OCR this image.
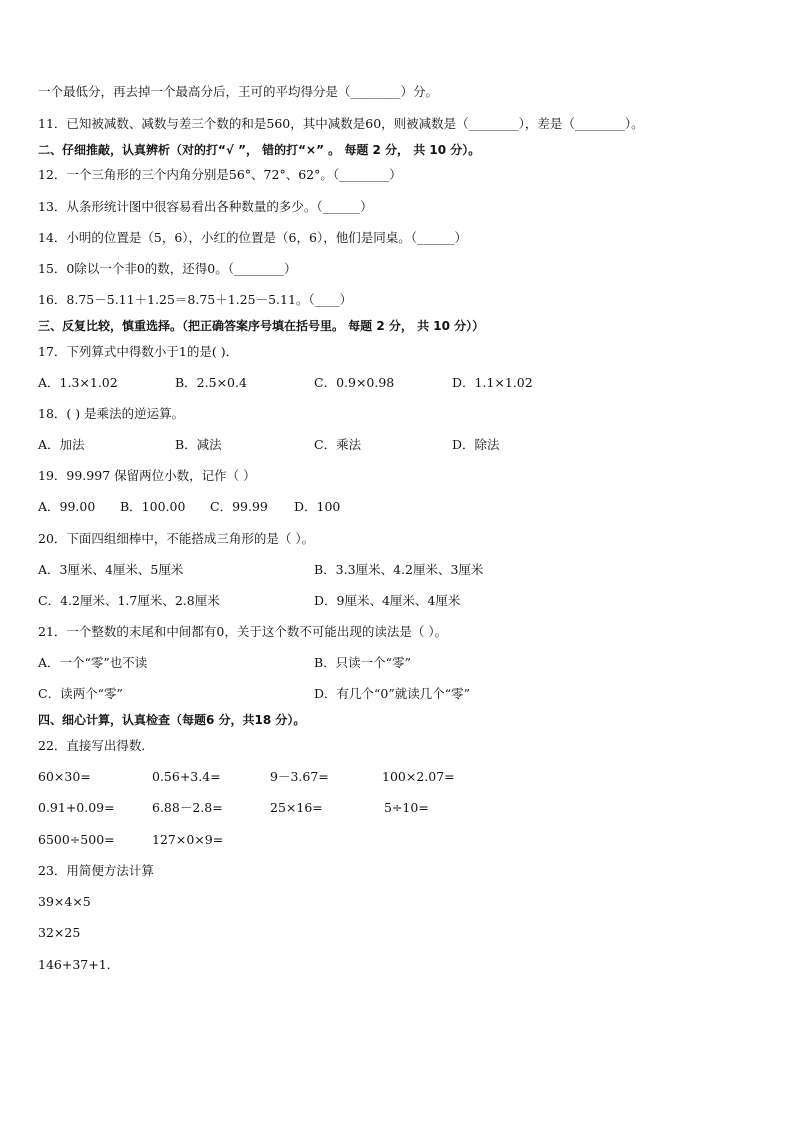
一个最低分，再去掉一个最高分后，王可的平均得分是（________）分。
11．已知被减数、减数与差三个数的和是560，其中减数是60，则被减数是（________），差是（________）。
二、仔细推敲，认真辨析（对的打“√ ”， 错的打“×” 。 每题 2 分， 共 10 分）。
12．一个三角形的三个内角分别是56°、72°、62°。（________）
13．从条形统计图中很容易看出各种数量的多少。（______）
14．小明的位置是（5，6），小红的位置是（6，6），他们是同桌。（______）
15．0除以一个非0的数，还得0。（________）
16．8.75－5.11＋1.25＝8.75＋1.25－5.11。（____）
三、反复比较，慎重选择。（把正确答案序号填在括号里。 每题 2 分， 共 10 分））
17．下列算式中得数小于1的是( )．
A．1.3×1.02	B．2.5×0.4	C．0.9×0.98	D．1.1×1.02
18．( ) 是乘法的逆运算。
A．加法	B．减法	C．乘法	D．除法
19．99.997 保留两位小数，记作（ ）
A．99.00 B．100.00 C．99.99 D．100
20．下面四组细棒中，不能搭成三角形的是（ ）。
A．3厘米、4厘米、5厘米	B．3.3厘米、4.2厘米、3厘米
C．4.2厘米、1.7厘米、2.8厘米	D．9厘米、4厘米、4厘米
21．一个整数的末尾和中间都有0，关于这个数不可能出现的读法是（ ）。
A．一个“零”也不读	B．只读一个“零”
C．读两个“零”	D．有几个“0”就读几个“零”
四、细心计算，认真检查（每题6 分，共18 分）。
22．直接写出得数．
60×30=	0.56+3.4=	9－3.67=	100×2.07=
0.91+0.09=	6.88－2.8=	25×16=	5÷10=
6500÷500=	127×0×9=
23．用简便方法计算
39×4×5
32×25
146+37+1．
